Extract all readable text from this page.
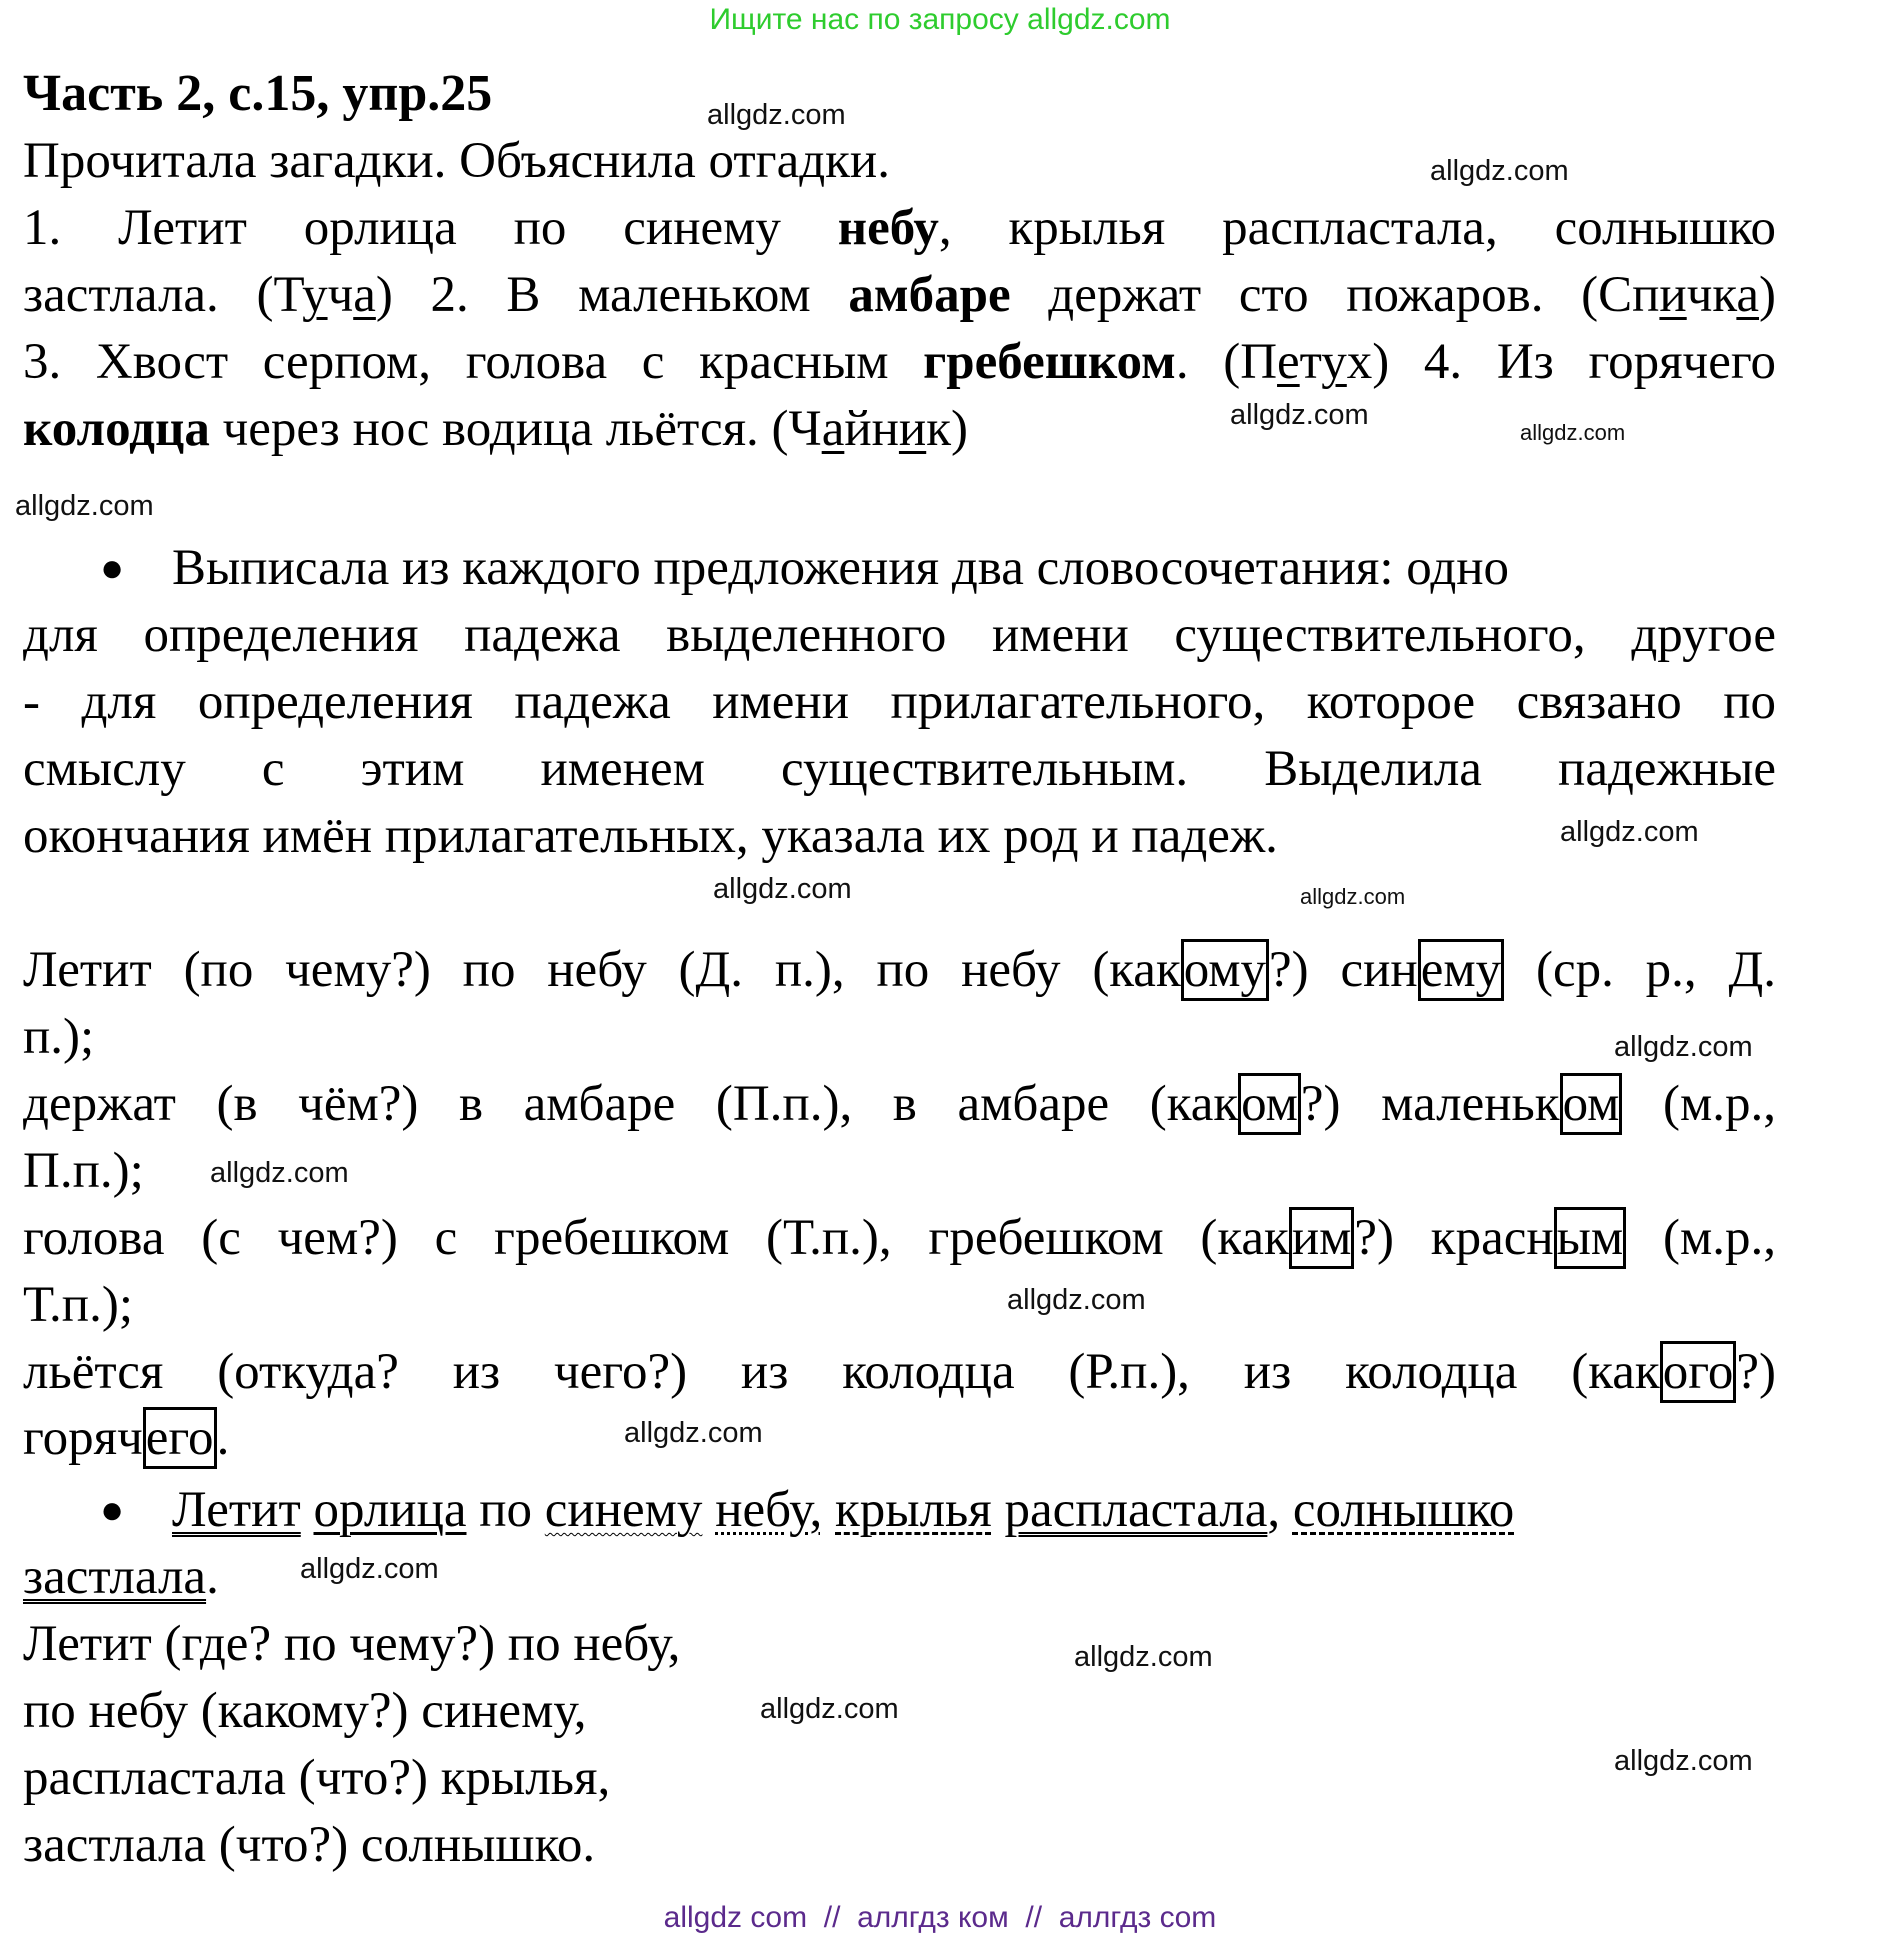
Ищите нас по запросу allgdz.com
Часть 2, с.15, упр.25
Прочитала загадки. Объяснила отгадки.
1. Летит орлица по синему небу, крылья распластала, солнышко
застлала. (Туча) 2. В маленьком амбаре держат сто пожаров. (Спичка)
3. Хвост серпом, голова с красным гребешком. (Петух) 4. Из горячего
колодца через нос водица льётся. (Чайник)
● Выписала из каждого предложения два словосочетания: одно
для определения падежа выделенного имени существительного, другое
- для определения падежа имени прилагательного, которое связано по
смыслу с этим именем существительным. Выделила падежные
окончания имён прилагательных, указала их род и падеж.
Летит (по чему?) по небу (Д. п.), по небу (какому?) синему (ср. р., Д.
п.);
держат (в чём?) в амбаре (П.п.), в амбаре (каком?) маленьком (м.р.,
П.п.);
голова (с чем?) с гребешком (Т.п.), гребешком (каким?) красным (м.р.,
Т.п.);
льётся (откуда? из чего?) из колодца (Р.п.), из колодца (какого?)
горячего.
● Летит орлица по синему небу, крылья распластала, солнышко
застлала.
Летит (где? по чему?) по небу,
по небу (какому?) синему,
распластала (что?) крылья,
застлала (что?) солнышко.
allgdz.com
allgdz.com
allgdz.com
allgdz.com
allgdz.com
allgdz.com
allgdz.com
allgdz.com
allgdz.com
allgdz.com
allgdz.com
allgdz.com
allgdz.com
allgdz.com
allgdz.com
allgdz.com
allgdz com  //  аллгдз ком  //  аллгдз com
